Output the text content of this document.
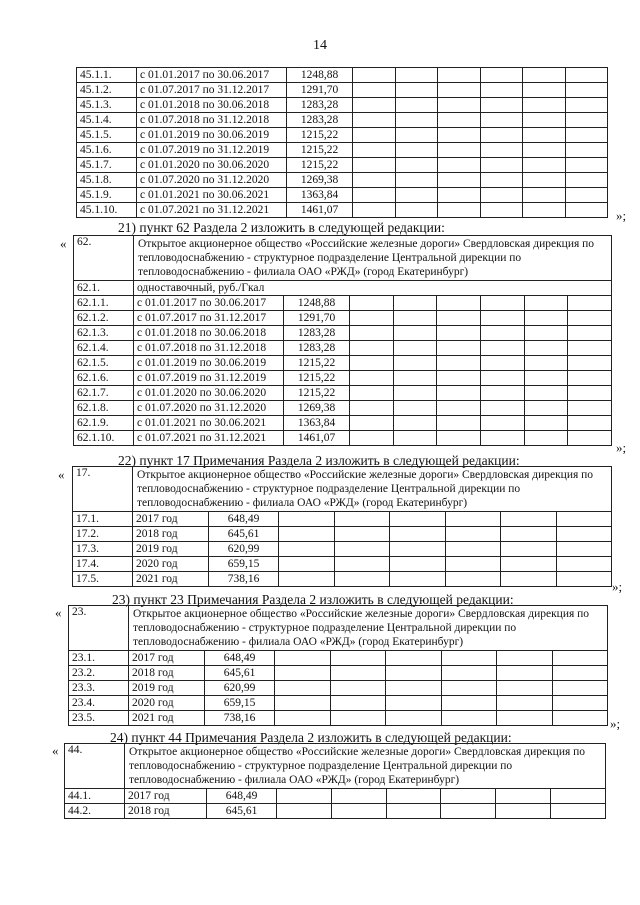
14
45.1.1.	с 01.01.2017 по 30.06.2017	1248,88						
45.1.2.	с 01.07.2017 по 31.12.2017	1291,70						
45.1.3.	с 01.01.2018 по 30.06.2018	1283,28						
45.1.4.	с 01.07.2018 по 31.12.2018	1283,28						
45.1.5.	с 01.01.2019 по 30.06.2019	1215,22						
45.1.6.	с 01.07.2019 по 31.12.2019	1215,22						
45.1.7.	с 01.01.2020 по 30.06.2020	1215,22						
45.1.8.	с 01.07.2020 по 31.12.2020	1269,38						
45.1.9.	с 01.01.2021 по 30.06.2021	1363,84						
45.1.10.	с 01.07.2021 по 31.12.2021	1461,07							»;
21) пункт 62 Раздела 2 изложить в следующей редакции:
« 62.	Открытое акционерное общество «Российские железные дороги» Свердловская дирекция по тепловодоснабжению - структурное подразделение Центральной дирекции по тепловодоснабжению - филиала ОАО «РЖД» (город Екатеринбург)							
62.1.	одноставочный, руб./Гкал							
62.1.1.	с 01.01.2017 по 30.06.2017	1248,88						
62.1.2.	с 01.07.2017 по 31.12.2017	1291,70						
62.1.3.	с 01.01.2018 по 30.06.2018	1283,28						
62.1.4.	с 01.07.2018 по 31.12.2018	1283,28						
62.1.5.	с 01.01.2019 по 30.06.2019	1215,22						
62.1.6.	с 01.07.2019 по 31.12.2019	1215,22						
62.1.7.	с 01.01.2020 по 30.06.2020	1215,22						
62.1.8.	с 01.07.2020 по 31.12.2020	1269,38						
62.1.9.	с 01.01.2021 по 30.06.2021	1363,84						
62.1.10.	с 01.07.2021 по 31.12.2021	1461,07						
»;
22) пункт 17 Примечания Раздела 2 изложить в следующей редакции:
« 17.	Открытое акционерное общество «Российские железные дороги» Свердловская дирекция по тепловодоснабжению - структурное подразделение Центральной дирекции по тепловодоснабжению - филиала ОАО «РЖД» (город Екатеринбург)							
17.1.	2017 год	648,49						
17.2.	2018 год	645,61						
17.3.	2019 год	620,99						
17.4.	2020 год	659,15						
17.5.	2021 год	738,16						
»;
23) пункт 23 Примечания Раздела 2 изложить в следующей редакции:
« 23.	Открытое акционерное общество «Российские железные дороги» Свердловская дирекция по тепловодоснабжению - структурное подразделение Центральной дирекции по тепловодоснабжению - филиала ОАО «РЖД» (город Екатеринбург)							
23.1.	2017 год	648,49						
23.2.	2018 год	645,61						
23.3.	2019 год	620,99						
23.4.	2020 год	659,15						
23.5.	2021 год	738,16							»;
24) пункт 44 Примечания Раздела 2 изложить в следующей редакции:
« 44.	Открытое акционерное общество «Российские железные дороги» Свердловская дирекция по тепловодоснабжению - структурное подразделение Центральной дирекции по тепловодоснабжению - филиала ОАО «РЖД» (город Екатеринбург)							
44.1.	2017 год	648,49						
44.2.	2018 год	645,61						
